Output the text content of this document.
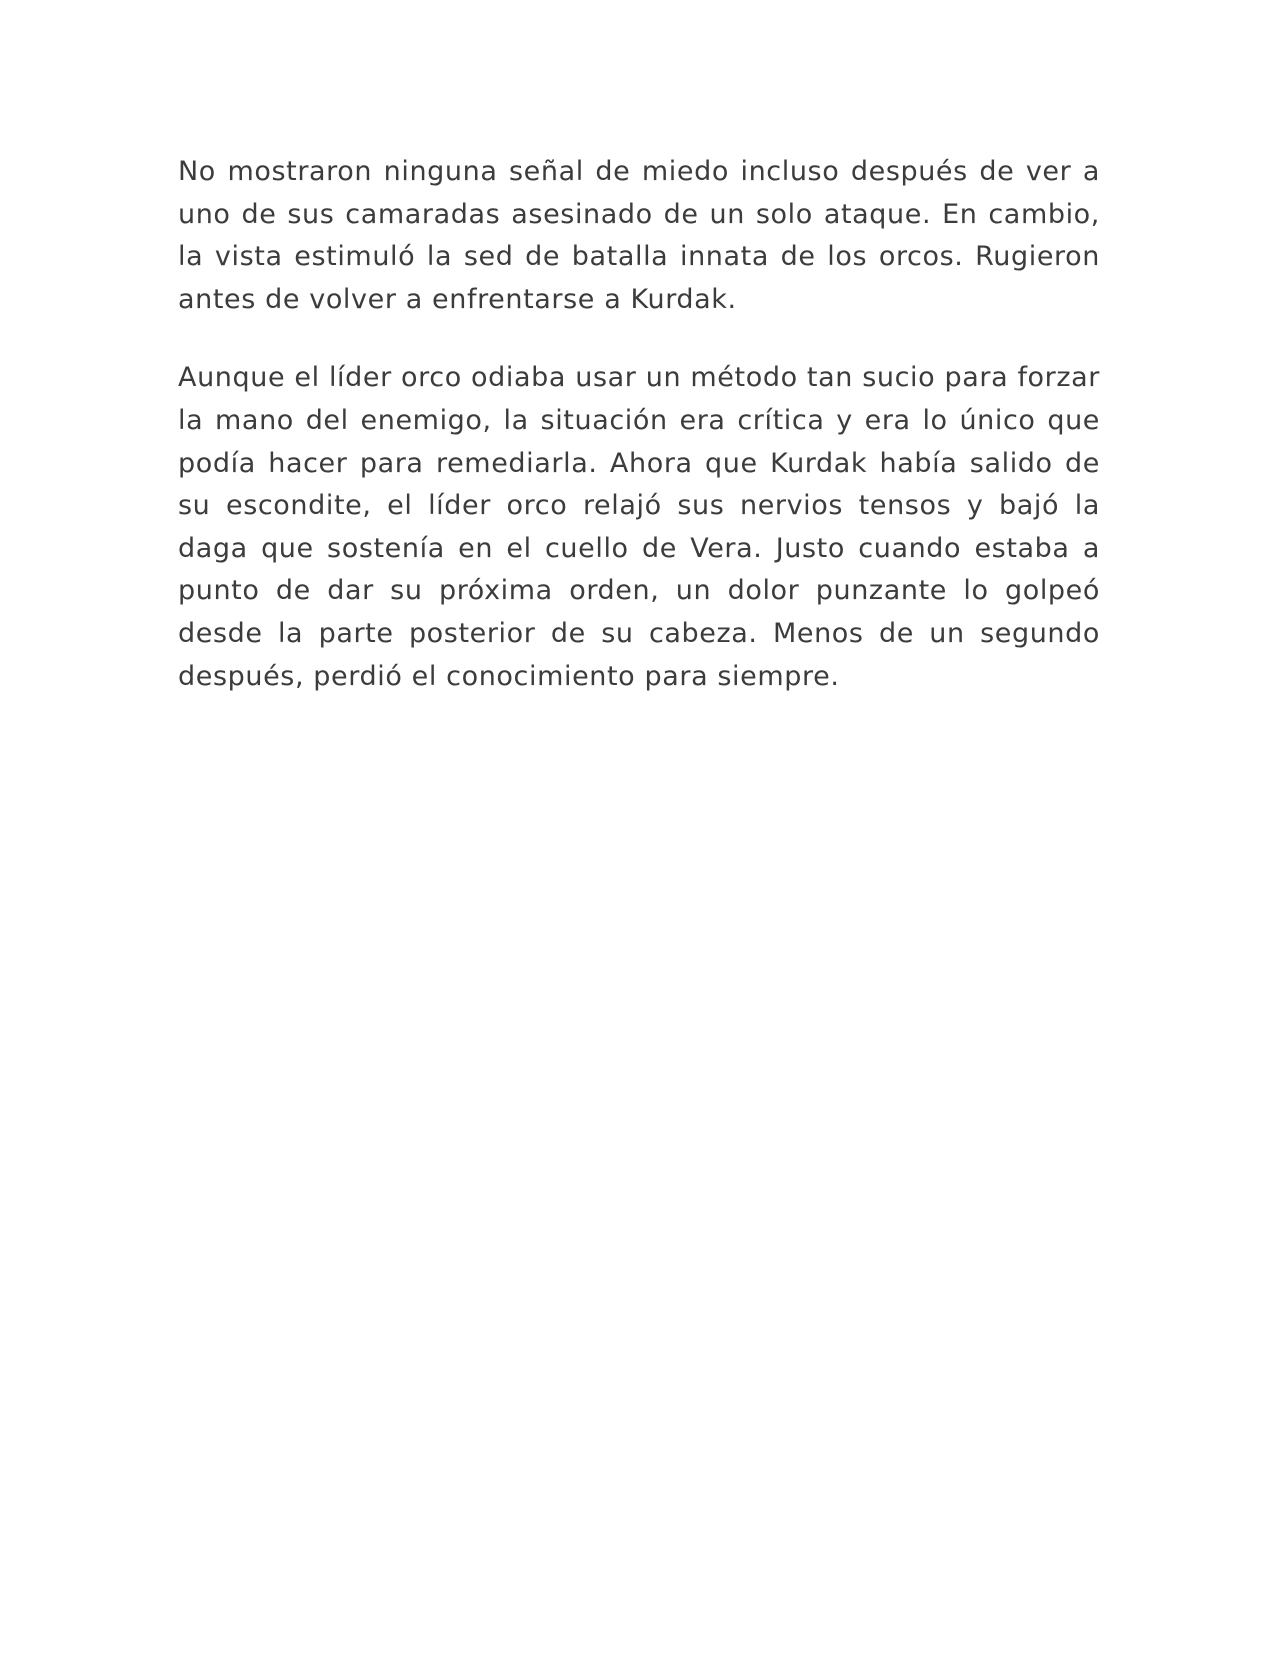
No mostraron ninguna señal de miedo incluso después de ver a uno de sus camaradas asesinado de un solo ataque. En cambio, la vista estimuló la sed de batalla innata de los orcos. Rugieron antes de volver a enfrentarse a Kurdak.

Aunque el líder orco odiaba usar un método tan sucio para forzar la mano del enemigo, la situación era crítica y era lo único que podía hacer para remediarla. Ahora que Kurdak había salido de su escondite, el líder orco relajó sus nervios tensos y bajó la daga que sostenía en el cuello de Vera. Justo cuando estaba a punto de dar su próxima orden, un dolor punzante lo golpeó desde la parte posterior de su cabeza. Menos de un segundo después, perdió el conocimiento para siempre.
